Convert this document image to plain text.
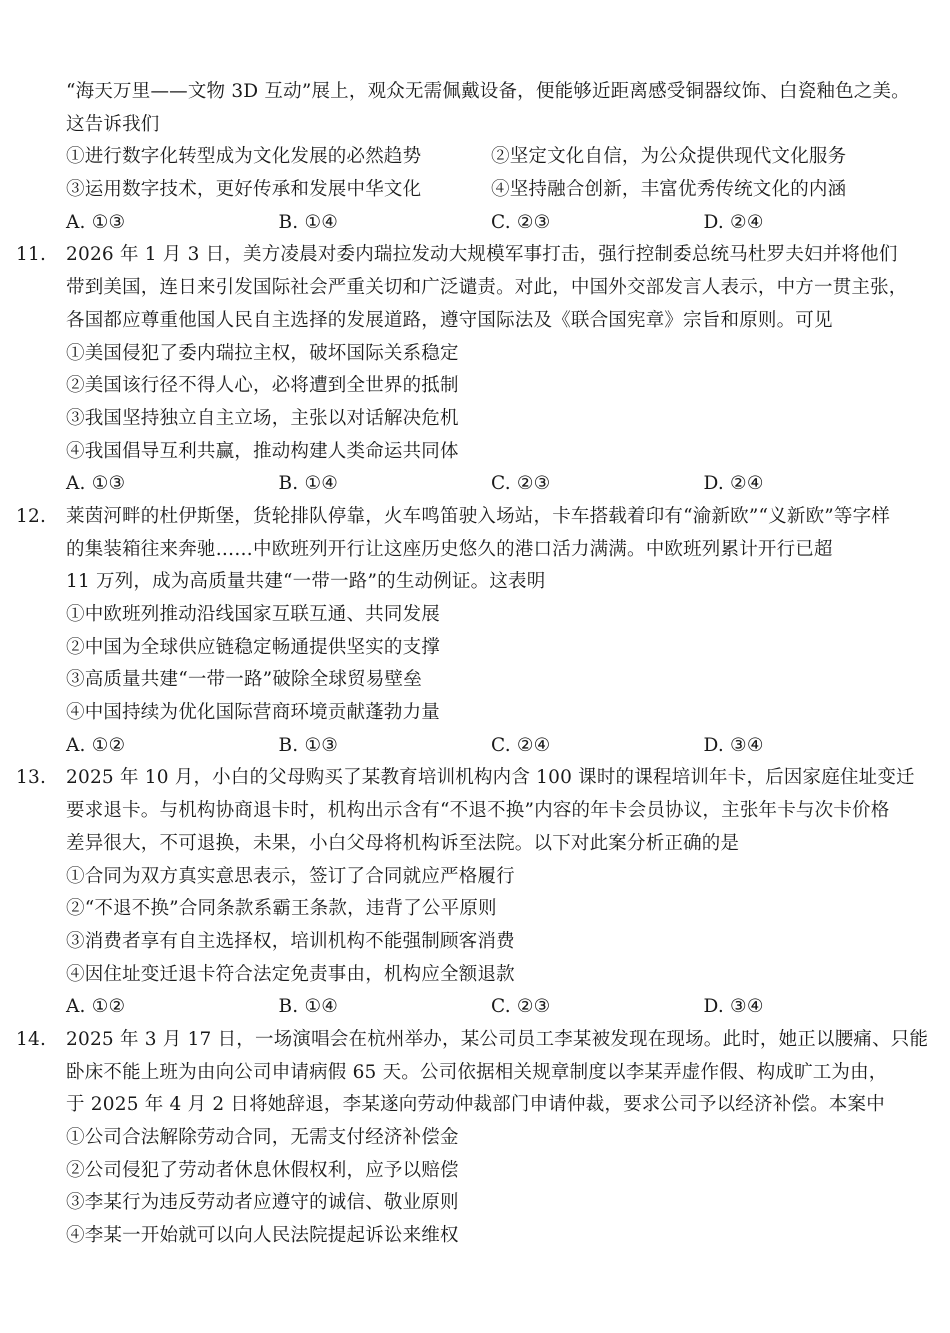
“海天万里——文物 3D 互动”展上，观众无需佩戴设备，便能够近距离感受铜器纹饰、白瓷釉色之美。
这告诉我们
①进行数字化转型成为文化发展的必然趋势	②坚定文化自信，为公众提供现代文化服务
③运用数字技术，更好传承和发展中华文化	④坚持融合创新，丰富优秀传统文化的内涵
A. ①③	B. ①④	C. ②③	D. ②④
11. 2026 年 1 月 3 日，美方凌晨对委内瑞拉发动大规模军事打击，强行控制委总统马杜罗夫妇并将他们
带到美国，连日来引发国际社会严重关切和广泛谴责。对此，中国外交部发言人表示，中方一贯主张，
各国都应尊重他国人民自主选择的发展道路，遵守国际法及《联合国宪章》宗旨和原则。可见
①美国侵犯了委内瑞拉主权，破坏国际关系稳定
②美国该行径不得人心，必将遭到全世界的抵制
③我国坚持独立自主立场，主张以对话解决危机
④我国倡导互利共赢，推动构建人类命运共同体
A. ①③	B. ①④	C. ②③	D. ②④
12. 莱茵河畔的杜伊斯堡，货轮排队停靠，火车鸣笛驶入场站，卡车搭载着印有“渝新欧”“义新欧”等字样
的集装箱往来奔驰……中欧班列开行让这座历史悠久的港口活力满满。中欧班列累计开行已超
11 万列，成为高质量共建“一带一路”的生动例证。这表明
①中欧班列推动沿线国家互联互通、共同发展
②中国为全球供应链稳定畅通提供坚实的支撑
③高质量共建“一带一路”破除全球贸易壁垒
④中国持续为优化国际营商环境贡献蓬勃力量
A. ①②	B. ①③	C. ②④	D. ③④
13. 2025 年 10 月，小白的父母购买了某教育培训机构内含 100 课时的课程培训年卡，后因家庭住址变迁
要求退卡。与机构协商退卡时，机构出示含有“不退不换”内容的年卡会员协议，主张年卡与次卡价格
差异很大，不可退换，未果，小白父母将机构诉至法院。以下对此案分析正确的是
①合同为双方真实意思表示，签订了合同就应严格履行
②“不退不换”合同条款系霸王条款，违背了公平原则
③消费者享有自主选择权，培训机构不能强制顾客消费
④因住址变迁退卡符合法定免责事由，机构应全额退款
A. ①②	B. ①④	C. ②③	D. ③④
14. 2025 年 3 月 17 日，一场演唱会在杭州举办，某公司员工李某被发现在现场。此时，她正以腰痛、只能
卧床不能上班为由向公司申请病假 65 天。公司依据相关规章制度以李某弄虚作假、构成旷工为由，
于 2025 年 4 月 2 日将她辞退，李某遂向劳动仲裁部门申请仲裁，要求公司予以经济补偿。本案中
①公司合法解除劳动合同，无需支付经济补偿金
②公司侵犯了劳动者休息休假权利，应予以赔偿
③李某行为违反劳动者应遵守的诚信、敬业原则
④李某一开始就可以向人民法院提起诉讼来维权
